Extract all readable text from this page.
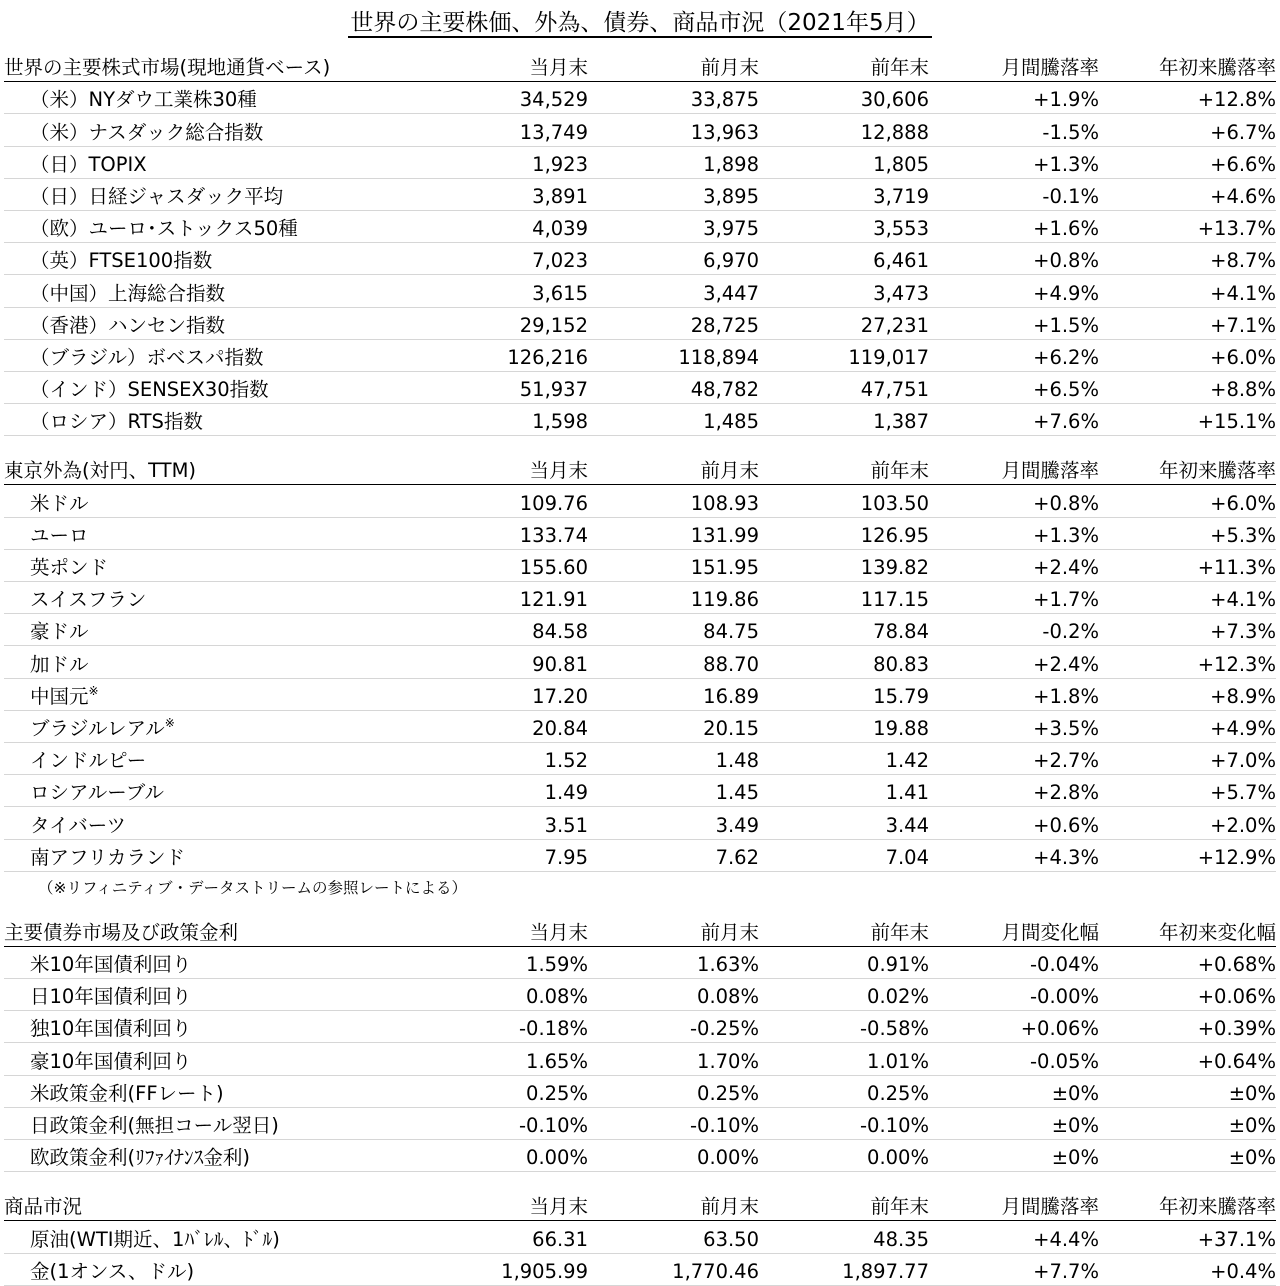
世界の主要株価、外為、債券、商品市況（2021年5月）
世界の主要株式市場(現地通貨ベース)	当月末	前月末	前年末	月間騰落率	年初来騰落率
（米）NYダウ工業株30種	34,529	33,875	30,606	+1.9%	+12.8%
（米）ナスダック総合指数	13,749	13,963	12,888	-1.5%	+6.7%
（日）TOPIX	1,923	1,898	1,805	+1.3%	+6.6%
（日）日経ジャスダック平均	3,891	3,895	3,719	-0.1%	+4.6%
（欧）ユーロ･ストックス50種	4,039	3,975	3,553	+1.6%	+13.7%
（英）FTSE100指数	7,023	6,970	6,461	+0.8%	+8.7%
（中国）上海総合指数	3,615	3,447	3,473	+4.9%	+4.1%
（香港）ハンセン指数	29,152	28,725	27,231	+1.5%	+7.1%
（ブラジル）ボベスパ指数	126,216	118,894	119,017	+6.2%	+6.0%
（インド）SENSEX30指数	51,937	48,782	47,751	+6.5%	+8.8%
（ロシア）RTS指数	1,598	1,485	1,387	+7.6%	+15.1%

東京外為(対円、TTM)	当月末	前月末	前年末	月間騰落率	年初来騰落率
米ドル	109.76	108.93	103.50	+0.8%	+6.0%
ユーロ	133.74	131.99	126.95	+1.3%	+5.3%
英ポンド	155.60	151.95	139.82	+2.4%	+11.3%
スイスフラン	121.91	119.86	117.15	+1.7%	+4.1%
豪ドル	84.58	84.75	78.84	-0.2%	+7.3%
加ドル	90.81	88.70	80.83	+2.4%	+12.3%
中国元※	17.20	16.89	15.79	+1.8%	+8.9%
ブラジルレアル※	20.84	20.15	19.88	+3.5%	+4.9%
インドルピー	1.52	1.48	1.42	+2.7%	+7.0%
ロシアルーブル	1.49	1.45	1.41	+2.8%	+5.7%
タイバーツ	3.51	3.49	3.44	+0.6%	+2.0%
南アフリカランド	7.95	7.62	7.04	+4.3%	+12.9%
（※リフィニティブ・データストリームの参照レートによる）					

主要債券市場及び政策金利	当月末	前月末	前年末	月間変化幅	年初来変化幅
米10年国債利回り	1.59%	1.63%	0.91%	-0.04%	+0.68%
日10年国債利回り	0.08%	0.08%	0.02%	-0.00%	+0.06%
独10年国債利回り	-0.18%	-0.25%	-0.58%	+0.06%	+0.39%
豪10年国債利回り	1.65%	1.70%	1.01%	-0.05%	+0.64%
米政策金利(FFレート)	0.25%	0.25%	0.25%	±0%	±0%
日政策金利(無担コール翌日)	-0.10%	-0.10%	-0.10%	±0%	±0%
欧政策金利(ﾘﾌｧｲﾅﾝｽ金利)	0.00%	0.00%	0.00%	±0%	±0%

商品市況	当月末	前月末	前年末	月間騰落率	年初来騰落率
原油(WTI期近、1ﾊﾞﾚﾙ、ﾄﾞﾙ)	66.31	63.50	48.35	+4.4%	+37.1%
金(1オンス、ドル)	1,905.99	1,770.46	1,897.77	+7.7%	+0.4%
